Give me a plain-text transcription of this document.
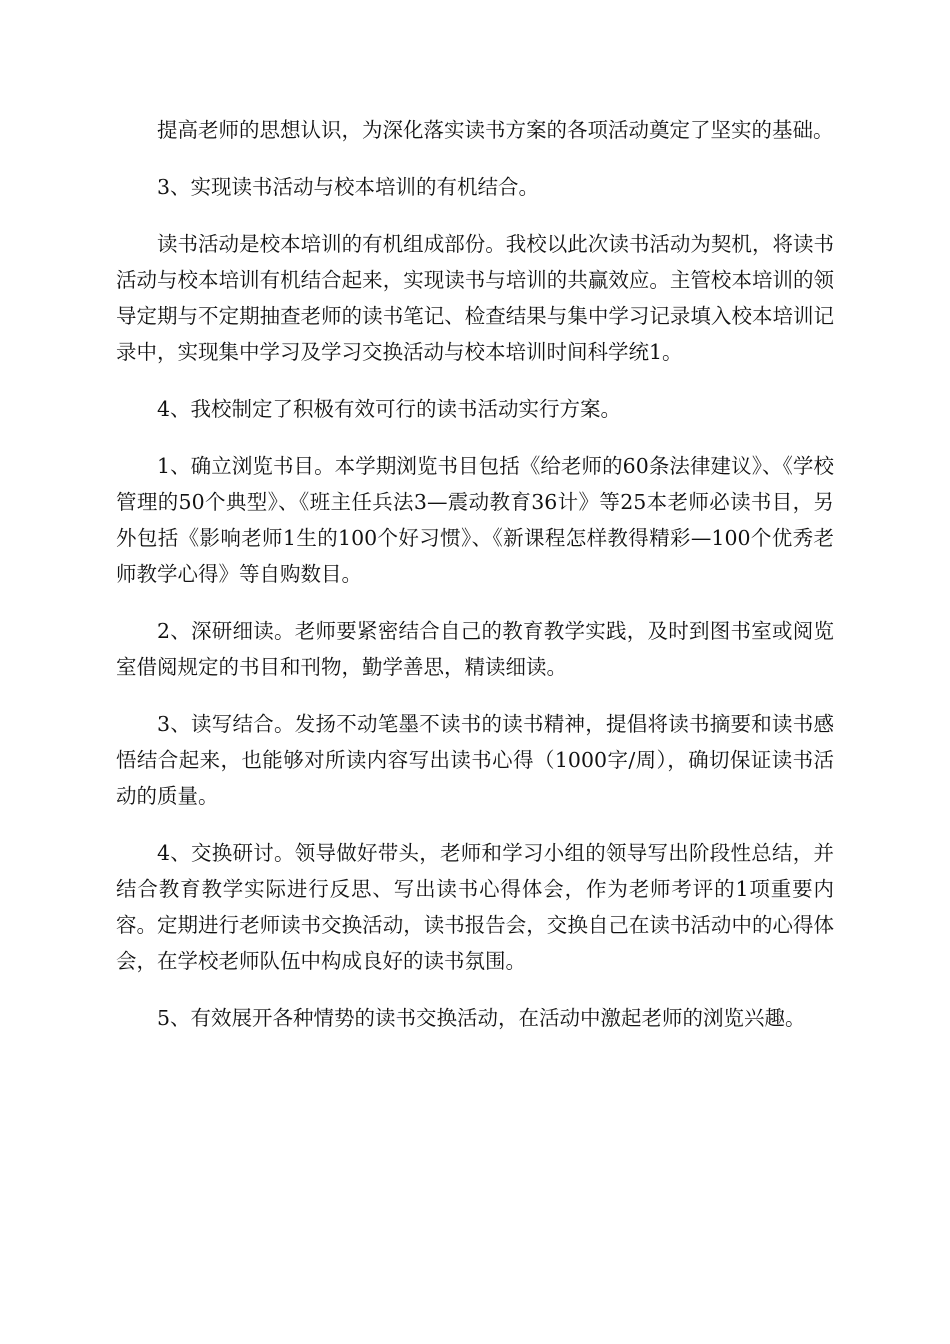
提高老师的思想认识，为深化落实读书方案的各项活动奠定了坚实的基础。

3、实现读书活动与校本培训的有机结合。

读书活动是校本培训的有机组成部份。我校以此次读书活动为契机，将读书活动与校本培训有机结合起来，实现读书与培训的共赢效应。主管校本培训的领导定期与不定期抽查老师的读书笔记、检查结果与集中学习记录填入校本培训记录中，实现集中学习及学习交换活动与校本培训时间科学统1。

4、我校制定了积极有效可行的读书活动实行方案。

1、确立浏览书目。本学期浏览书目包括《给老师的60条法律建议》、《学校管理的50个典型》、《班主任兵法3—震动教育36计》等25本老师必读书目，另外包括《影响老师1生的100个好习惯》、《新课程怎样教得精彩—100个优秀老师教学心得》等自购数目。

2、深研细读。老师要紧密结合自己的教育教学实践，及时到图书室或阅览室借阅规定的书目和刊物，勤学善思，精读细读。

3、读写结合。发扬不动笔墨不读书的读书精神，提倡将读书摘要和读书感悟结合起来，也能够对所读内容写出读书心得（1000字/周），确切保证读书活动的质量。

4、交换研讨。领导做好带头，老师和学习小组的领导写出阶段性总结，并结合教育教学实际进行反思、写出读书心得体会，作为老师考评的1项重要内容。定期进行老师读书交换活动，读书报告会，交换自己在读书活动中的心得体会，在学校老师队伍中构成良好的读书氛围。

5、有效展开各种情势的读书交换活动，在活动中激起老师的浏览兴趣。
